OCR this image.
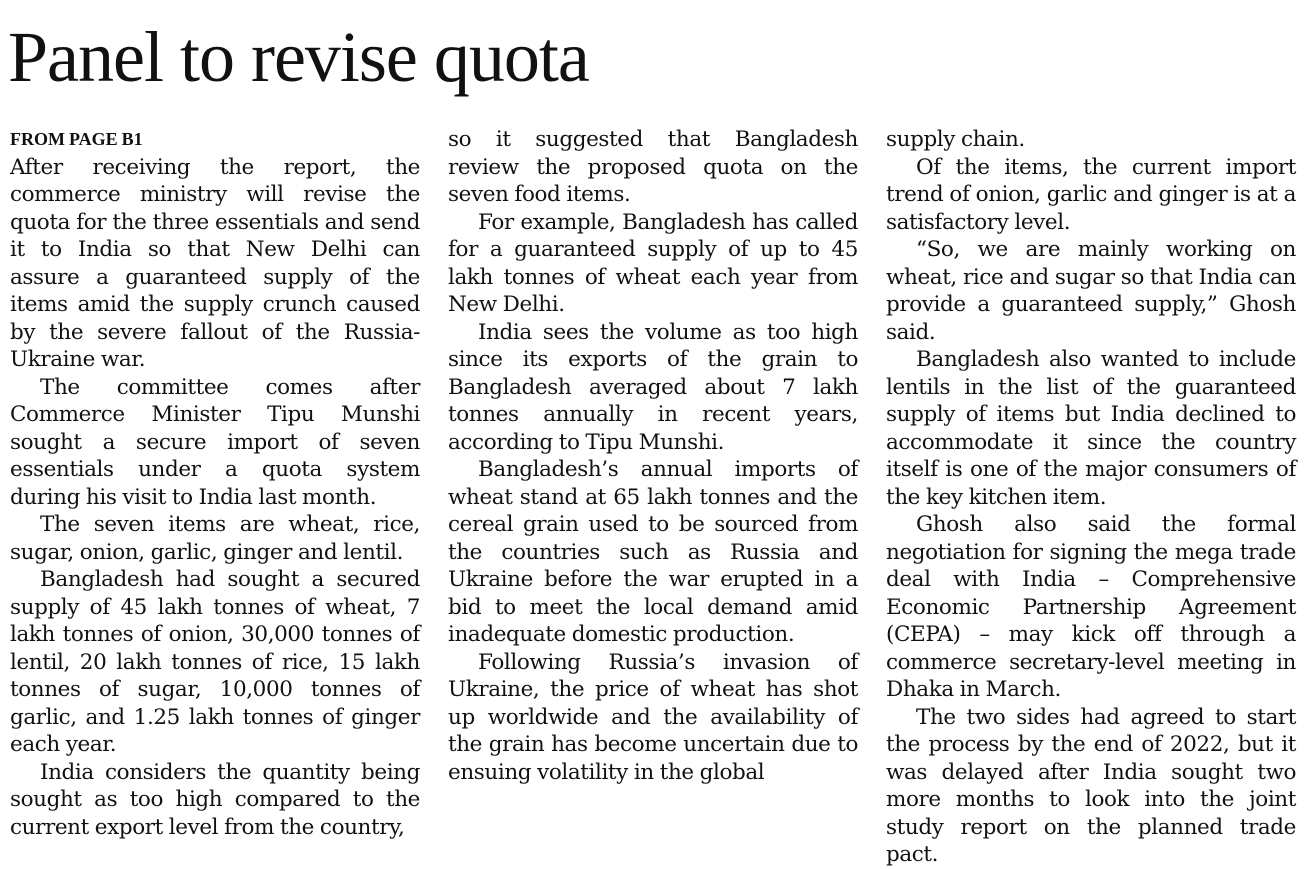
Panel to revise quota
FROM PAGE B1

After receiving the report, the commerce ministry will revise the quota for the three essentials and send it to India so that New Delhi can assure a guaranteed supply of the items amid the supply crunch caused by the severe fallout of the Russia-Ukraine war.

The committee comes after Commerce Minister Tipu Munshi sought a secure import of seven essentials under a quota system during his visit to India last month.

The seven items are wheat, rice, sugar, onion, garlic, ginger and lentil.

Bangladesh had sought a secured supply of 45 lakh tonnes of wheat, 7 lakh tonnes of onion, 30,000 tonnes of lentil, 20 lakh tonnes of rice, 15 lakh tonnes of sugar, 10,000 tonnes of garlic, and 1.25 lakh tonnes of ginger each year.

India considers the quantity being sought as too high compared to the current export level from the country,

so it suggested that Bangladesh review the proposed quota on the seven food items.

For example, Bangladesh has called for a guaranteed supply of up to 45 lakh tonnes of wheat each year from New Delhi.

India sees the volume as too high since its exports of the grain to Bangladesh averaged about 7 lakh tonnes annually in recent years, according to Tipu Munshi.

Bangladesh’s annual imports of wheat stand at 65 lakh tonnes and the cereal grain used to be sourced from the countries such as Russia and Ukraine before the war erupted in a bid to meet the local demand amid inadequate domestic production.

Following Russia’s invasion of Ukraine, the price of wheat has shot up worldwide and the availability of the grain has become uncertain due to ensuing volatility in the global

supply chain.

Of the items, the current import trend of onion, garlic and ginger is at a satisfactory level.

“So, we are mainly working on wheat, rice and sugar so that India can provide a guaranteed supply,” Ghosh said.

Bangladesh also wanted to include lentils in the list of the guaranteed supply of items but India declined to accommodate it since the country itself is one of the major consumers of the key kitchen item.

Ghosh also said the formal negotiation for signing the mega trade deal with India – Comprehensive Economic Partnership Agreement (CEPA) – may kick off through a commerce secretary-level meeting in Dhaka in March.

The two sides had agreed to start the process by the end of 2022, but it was delayed after India sought two more months to look into the joint study report on the planned trade pact.
